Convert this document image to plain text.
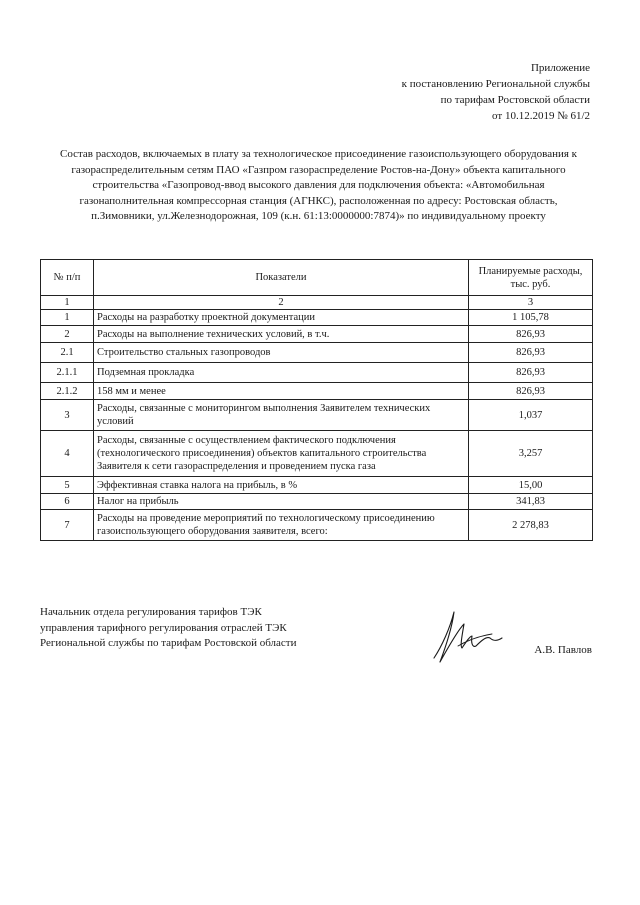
Приложение
к постановлению Региональной службы
по тарифам Ростовской области
от 10.12.2019 № 61/2
Состав расходов, включаемых в плату за технологическое присоединение газоиспользующего оборудования к
газораспределительным сетям ПАО «Газпром газораспределение Ростов-на-Дону» объекта капитального
строительства «Газопровод-ввод высокого давления для подключения объекта: «Автомобильная
газонаполнительная компрессорная станция (АГНКС), расположенная по адресу: Ростовская область,
п.Зимовники, ул.Железнодорожная, 109 (к.н. 61:13:0000000:7874)» по индивидуальному проекту
№ п/п	Показатели	Планируемые расходы,
тыс. руб.

1	2	3
1	Расходы на разработку проектной документации	1 105,78
2	Расходы на выполнение технических условий, в т.ч.	826,93
2.1	Строительство стальных газопроводов	826,93
2.1.1	Подземная прокладка	826,93
2.1.2	158 мм и менее	826,93
3	Расходы, связанные с мониторингом выполнения Заявителем технических условий	1,037
4	Расходы, связанные с осуществлением фактического подключения (технологического присоединения) объектов капитального строительства Заявителя к сети газораспределения и проведением пуска газа	3,257
5	Эффективная ставка налога на прибыль, в %	15,00
6	Налог на прибыль	341,83
7	Расходы на проведение мероприятий по технологическому присоединению газоиспользующего оборудования заявителя, всего:	2 278,83
Начальник отдела регулирования тарифов ТЭК
управления тарифного регулирования отраслей ТЭК
Региональной службы по тарифам Ростовской области
А.В. Павлов
